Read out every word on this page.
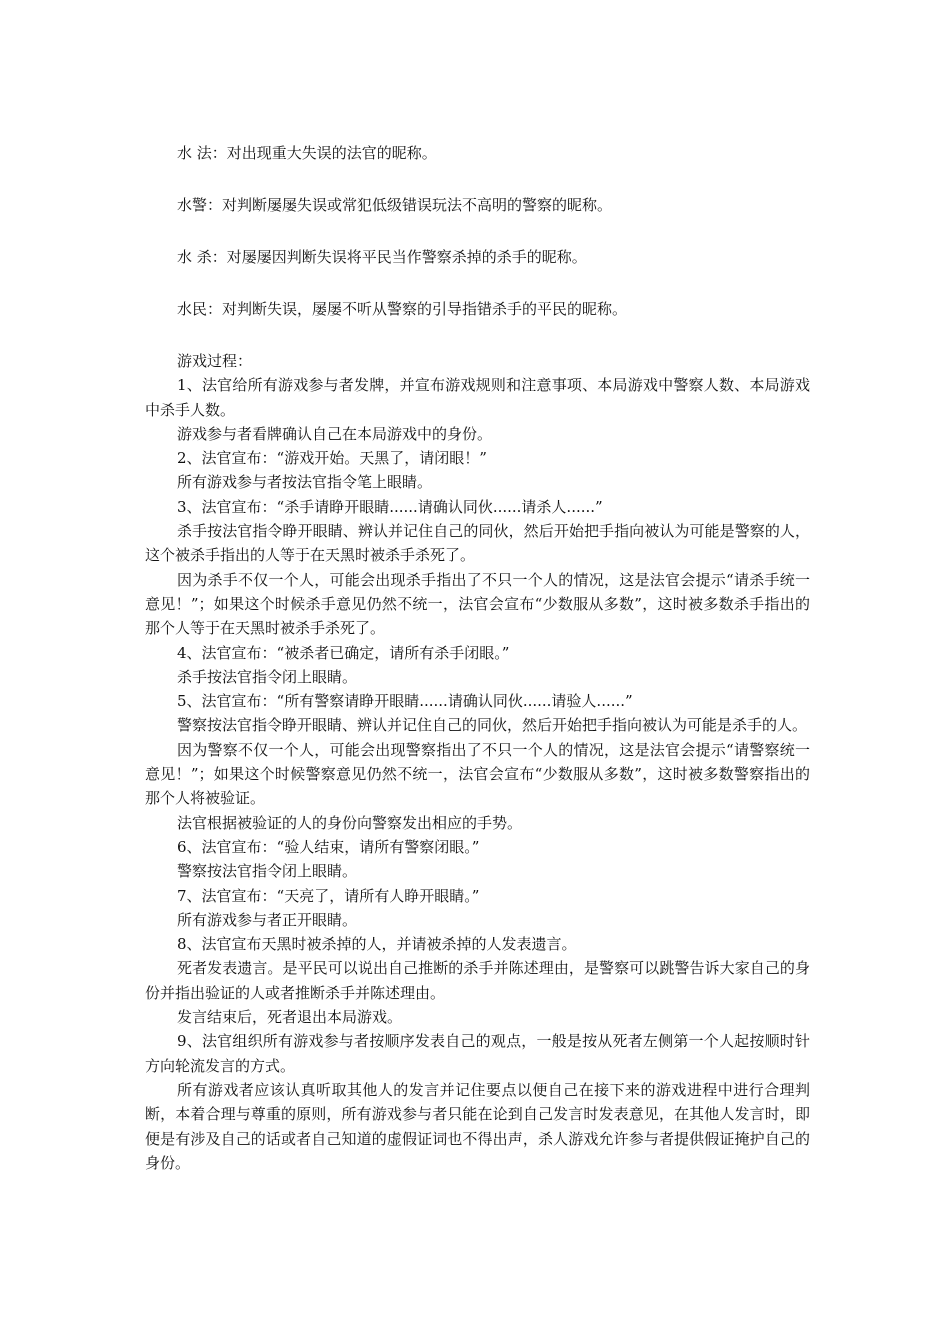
水 法：对出现重大失误的法官的昵称。

水警：对判断屡屡失误或常犯低级错误玩法不高明的警察的昵称。

水 杀：对屡屡因判断失误将平民当作警察杀掉的杀手的昵称。

水民：对判断失误，屡屡不听从警察的引导指错杀手的平民的昵称。

游戏过程：

1、法官给所有游戏参与者发牌，并宣布游戏规则和注意事项、本局游戏中警察人数、本局游戏中杀手人数。

游戏参与者看牌确认自己在本局游戏中的身份。

2、法官宣布：“游戏开始。天黑了，请闭眼！”

所有游戏参与者按法官指令笔上眼睛。

3、法官宣布：“杀手请睁开眼睛......请确认同伙......请杀人......”

杀手按法官指令睁开眼睛、辨认并记住自己的同伙，然后开始把手指向被认为可能是警察的人，这个被杀手指出的人等于在天黑时被杀手杀死了。

因为杀手不仅一个人，可能会出现杀手指出了不只一个人的情况，这是法官会提示“请杀手统一意见！”；如果这个时候杀手意见仍然不统一，法官会宣布“少数服从多数”，这时被多数杀手指出的那个人等于在天黑时被杀手杀死了。

4、法官宣布：“被杀者已确定，请所有杀手闭眼。”

杀手按法官指令闭上眼睛。

5、法官宣布：“所有警察请睁开眼睛......请确认同伙......请验人......”

警察按法官指令睁开眼睛、辨认并记住自己的同伙，然后开始把手指向被认为可能是杀手的人。

因为警察不仅一个人，可能会出现警察指出了不只一个人的情况，这是法官会提示“请警察统一意见！”；如果这个时候警察意见仍然不统一，法官会宣布“少数服从多数”，这时被多数警察指出的那个人将被验证。

法官根据被验证的人的身份向警察发出相应的手势。

6、法官宣布：“验人结束，请所有警察闭眼。”

警察按法官指令闭上眼睛。

7、法官宣布：“天亮了，请所有人睁开眼睛。”

所有游戏参与者正开眼睛。

8、法官宣布天黑时被杀掉的人，并请被杀掉的人发表遗言。

死者发表遗言。是平民可以说出自己推断的杀手并陈述理由，是警察可以跳警告诉大家自己的身份并指出验证的人或者推断杀手并陈述理由。

发言结束后，死者退出本局游戏。

9、法官组织所有游戏参与者按顺序发表自己的观点，一般是按从死者左侧第一个人起按顺时针方向轮流发言的方式。

所有游戏者应该认真听取其他人的发言并记住要点以便自己在接下来的游戏进程中进行合理判断，本着合理与尊重的原则，所有游戏参与者只能在论到自己发言时发表意见，在其他人发言时，即便是有涉及自己的话或者自己知道的虚假证词也不得出声，杀人游戏允许参与者提供假证掩护自己的身份。
